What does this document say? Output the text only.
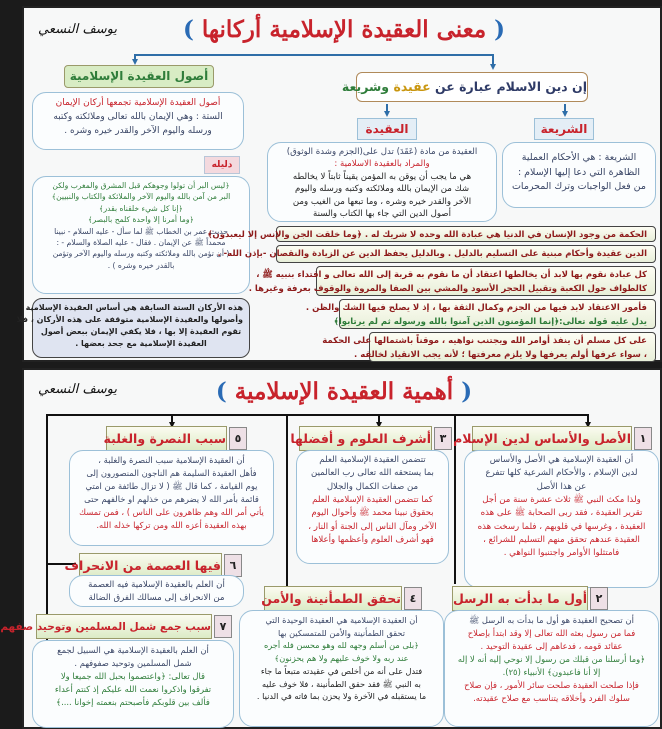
يوسف النسعي	( معنى العقيدة الإسلامية أركانها )
إن دين الاسلام عبارة عن عقيدة وشريعة
أصول العقيدة الإسلامية
الشريعة
العقيدة
الشريعة : هي الأحكام العملية
الظاهرة التي دعا إليها الإسلام :
من فعل الواجبات وترك المحرمات
العقيدة من مادة (عَقَدَ) تدل على(الجزم وشدة الوثوق)
والمراد بالعقيدة الاسلامية :
هي ما يجب أن يوقن به المؤمن يقيناً ثابتاً لا يخالطه
شك من الإيمان بالله وملائكته وكتبه ورسله واليوم
الآخر والقدر خيره وشره ، وما تبعها من الغيب ومن
أصول الدين التي جاء بها الكتاب والسنة
أصول العقيدة الإسلامية تجمعها أركان الإيمان
الستة : وهي الإيمان بالله تعالى وملائكته وكتبه
ورسله واليوم الآخر والقدر خيره وشره .
دليله
﴿ليس البر أن تولوا وجوهكم قبل المشرق والمغرب ولكن
البر من آمن بالله واليوم الآخر والملائكة والكتاب والنبيين﴾
﴿إنا كل شيء خلقناه بقدر﴾
﴿وما أمرنا إلا واحدة كلمح بالبصر﴾
حديث عمر بن الخطاب ﷺ لما سأل - عليه السلام - نبينا
محمداً ﷺ عن الإيمان . فقال - عليه الصلاة والسلام - :
( أن تؤمن بالله وملائكته وكتبه ورسله واليوم الآخر وتؤمن
بالقدر خيره وشره ) .
هذه الأركان الستة السابقة هي أساس العقيدة الإسلامية
وأصولها والعقيدة الإسلامية متوقفة على هذه الأركان ، فلا
تقوم العقيدة إلا بها ، فلا يكفي الإيمان ببعض أصول
العقيدة الإسلامية مع جحد بعضها .
الحكمة من وجود الإنسان في الدنيا هي عبادة الله وحده لا شريك له . ﴿وما خلقت الجن والإنس إلا ليعبدون﴾
الدين عقيدة وأحكام مبنية على التسليم بالدليل . وبالدليل يحفظ الدين عن الزيادة والنقصان -بإذن الله- .
كل عبادة نقوم بها لابد أن يخالطها اعتقاد أن ما نقوم به قربة إلى الله تعالى و اقتداء بنبيه ﷺ ،
كالطواف حول الكعبة وتقبيل الحجر الأسود والمشي بين الصفا والمروة والوقوف بعرفة وغيرها .
فأمور الاعتقاد لابد فيها من الجزم وكمال الثقة بها ، إذ لا يصلح فيها الشك والظن .
يدل عليه قوله تعالى:﴿إنما المؤمنون الذين آمنوا بالله ورسوله ثم لم يرتابوا﴾
على كل مسلم أن ينفذ أوامر الله ويجتنب نواهيه ، موقناً باشتمالها على الحكمة
، سواء عرفها أولم يعرفها ولا يلزم معرفتها ؛ لأنه يجب الانقياد لخالقه .
يوسف النسعي	( أهمية العقيدة الإسلامية )
الأصل والأساس لدين الإسلام ١
أن العقيدة الإسلامية هي الأصل والأساس
لدين الإسلام ، والأحكام الشرعية كلها تتفرع
عن هذا الأصل
ولذا مكث النبي ﷺ ثلاث عشرة سنة من أجل
تقرير العقيدة ، فقد ربى الصحابة ﷺ على هذه
العقيدة ، وغرسها في قلوبهم ، فلما رسخت هذه
العقيدة عندهم تحقق منهم التسليم للشرائع ،
فامتثلوا الأوامر واجتنبوا النواهي .
أول ما بدأت به الرسل ٢
أن تصحيح العقيدة هو أول ما بدأت به الرسل ﷺ
فما من رسول بعثه الله تعالى إلا وقد ابتدأ بإصلاح
عقائد قومه ، فدعاهم إلى عقيدة التوحيد .
﴿وما أرسلنا من قبلك من رسول إلا نوحي إليه أنه لا إله
إلا أنا فاعبدون﴾ الأنبياء (٢٥).
فإذا صلحت العقيدة صلحت سائر الأمور ، فإن صلاح
سلوك الفرد وأخلاقه يتناسب مع صلاح عقيدته.
أشرف العلوم و أفضلها ٣
تتضمن العقيدة الإسلامية العلم
بما يستحقه الله تعالى رب العالمين
من صفات الكمال والجلال
كما تتضمن العقيدة الإسلامية العلم
بحقوق نبينا محمد ﷺ وأحوال اليوم
الآخر ومآل الناس إلى الجنة أو النار ،
فهو أشرف العلوم وأعظمها وأعلاها
تحقق الطمأنينة والأمن ٤
أن العقيدة الإسلامية هي العقيدة الوحيدة التي
تحقق الطمأنينة والأمن للمتمسكين بها
﴿بلى من أسلم وجهه لله وهو محسن فله أجره
عند ربه ولا خوف عليهم ولا هم يحزنون﴾
فتدل على أنه من أخلص في عقيدته متبعاً ما جاء
به النبي ﷺ فقد حقق الطمأنينة ، فلا خوف عليه
ما يستقبله في الآخرة ولا يحزن بما فاته في الدنيا .
سبب النصرة والغلبة ٥
أن العقيدة الإسلامية سبب النصرة والغلبة ،
فأهل العقيدة السليمة هم الناجون المنصورون إلى
يوم القيامة ، كما قال ﷺ ( لا تزال طائفة من امتي
قائمة بأمر الله لا يضرهم من خذلهم او خالفهم حتى
يأتي أمر الله وهم ظاهرون على الناس ) ، فمن تمسك
بهذه العقيدة أعزه الله ومن تركها خذله الله.
فيها العصمة من الانحراف ٦
أن العلم بالعقيدة الإسلامية فيه العصمة
من الانحراف إلى مسالك الفرق الضالة
سبب جمع شمل المسلمين وتوحيد صفهم ٧
أن العلم بالعقيدة الإسلامية هي السبيل لجمع
شمل المسلمين وتوحيد صفوفهم .
قال تعالى: ﴿واعتصموا بحبل الله جميعا ولا
تفرقوا واذكروا نعمت الله عليكم إذ كنتم أعداء
فألف بين قلوبكم فأصبحتم بنعمته إخوانا ....﴾
